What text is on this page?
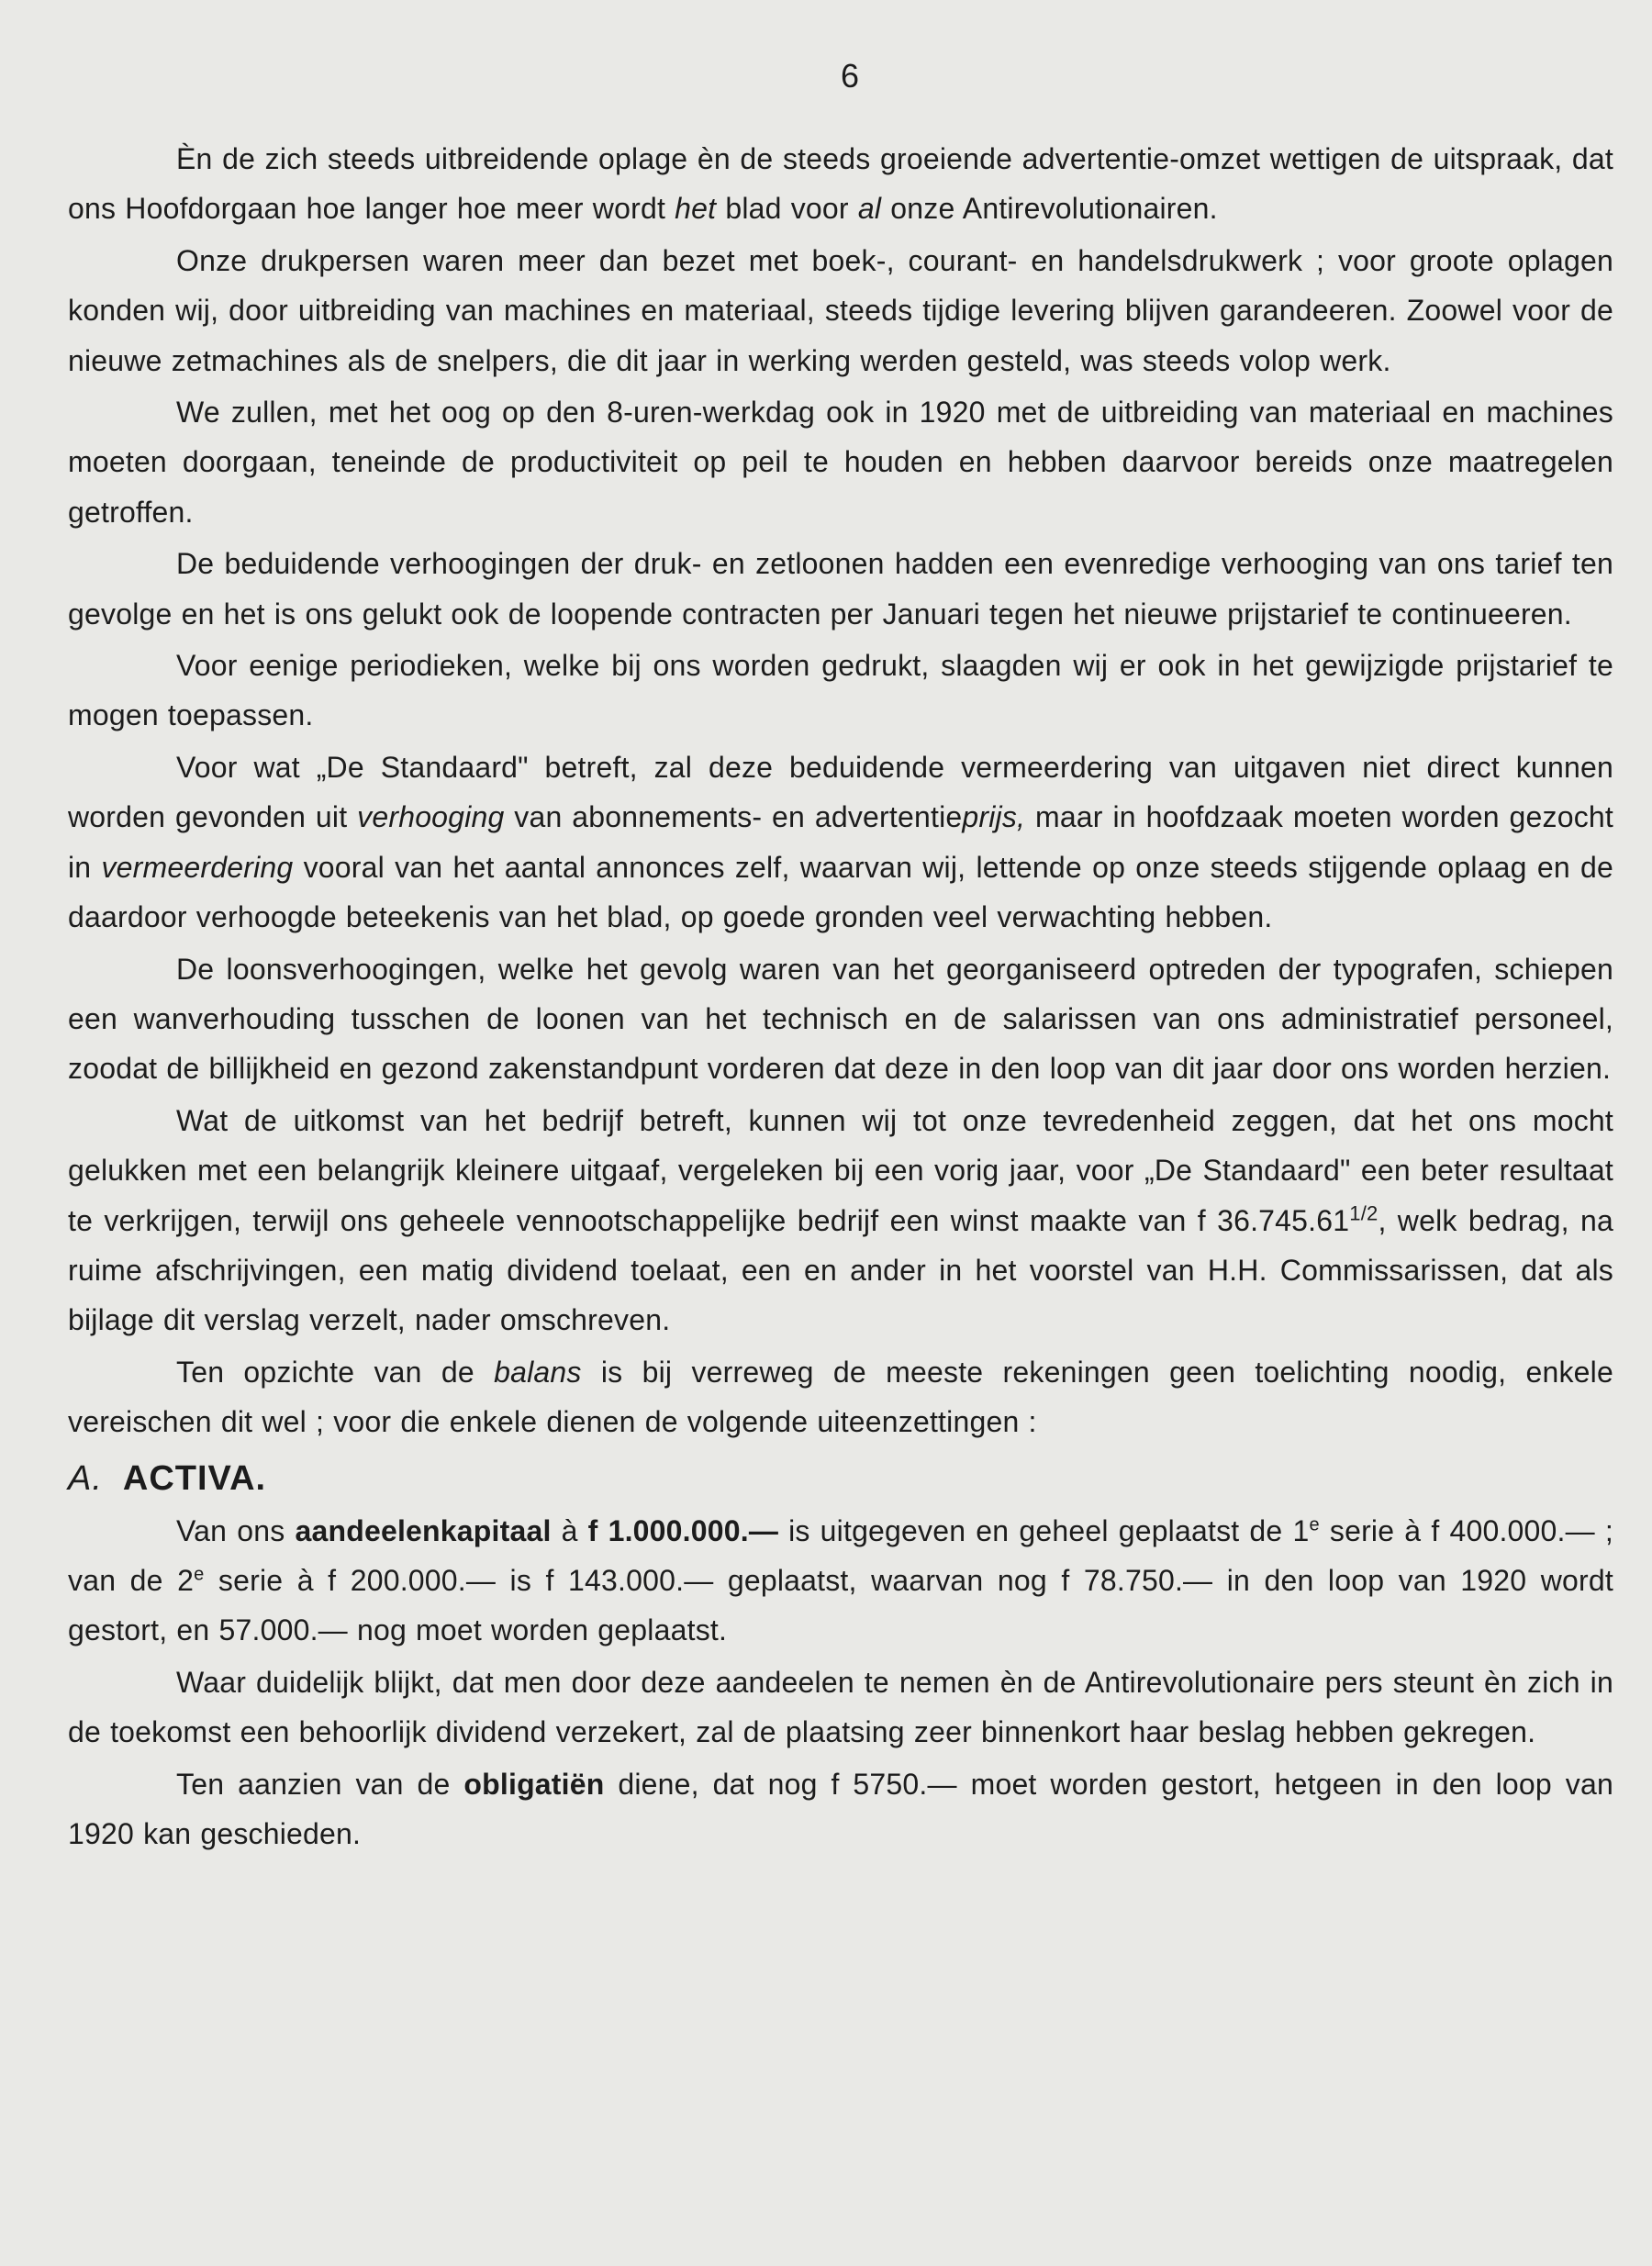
6

Èn de zich steeds uitbreidende oplage èn de steeds groeiende advertentie-omzet wettigen de uitspraak, dat ons Hoofdorgaan hoe langer hoe meer wordt het blad voor al onze Antirevolutionairen.

Onze drukpersen waren meer dan bezet met boek-, courant- en handelsdrukwerk ; voor groote oplagen konden wij, door uitbreiding van machines en materiaal, steeds tijdige levering blijven garandeeren. Zoowel voor de nieuwe zetmachines als de snelpers, die dit jaar in werking werden gesteld, was steeds volop werk.

We zullen, met het oog op den 8-uren-werkdag ook in 1920 met de uitbreiding van materiaal en machines moeten doorgaan, teneinde de productiviteit op peil te houden en hebben daarvoor bereids onze maatregelen getroffen.

De beduidende verhoogingen der druk- en zetloonen hadden een evenredige verhooging van ons tarief ten gevolge en het is ons gelukt ook de loopende contracten per Januari tegen het nieuwe prijstarief te continueeren.

Voor eenige periodieken, welke bij ons worden gedrukt, slaagden wij er ook in het gewijzigde prijstarief te mogen toepassen.

Voor wat „De Standaard" betreft, zal deze beduidende vermeerdering van uitgaven niet direct kunnen worden gevonden uit verhooging van abonnements- en advertentieprijs, maar in hoofdzaak moeten worden gezocht in vermeerdering vooral van het aantal annonces zelf, waarvan wij, lettende op onze steeds stijgende oplaag en de daardoor verhoogde beteekenis van het blad, op goede gronden veel verwachting hebben.

De loonsverhoogingen, welke het gevolg waren van het georganiseerd optreden der typografen, schiepen een wanverhouding tusschen de loonen van het technisch en de salarissen van ons administratief personeel, zoodat de billijkheid en gezond zakenstandpunt vorderen dat deze in den loop van dit jaar door ons worden herzien.

Wat de uitkomst van het bedrijf betreft, kunnen wij tot onze tevredenheid zeggen, dat het ons mocht gelukken met een belangrijk kleinere uitgaaf, vergeleken bij een vorig jaar, voor „De Standaard" een beter resultaat te verkrijgen, terwijl ons geheele vennootschappelijke bedrijf een winst maakte van f $36.745.61^{1/2}$, welk bedrag, na ruime afschrijvingen, een matig dividend toelaat, een en ander in het voorstel van H.H. Commissarissen, dat als bijlage dit verslag verzelt, nader omschreven.

Ten opzichte van de balans is bij verreweg de meeste rekeningen geen toelichting noodig, enkele vereischen dit wel ; voor die enkele dienen de volgende uiteenzettingen :

A. ACTIVA.

Van ons aandeelenkapitaal à f 1.000.000.— is uitgegeven en geheel geplaatst de 1e serie à f 400.000.— ; van de 2e serie à f 200.000.— is f 143.000.— geplaatst, waarvan nog f 78.750.— in den loop van 1920 wordt gestort, en 57.000.— nog moet worden geplaatst.

Waar duidelijk blijkt, dat men door deze aandeelen te nemen èn de Antirevolutionaire pers steunt èn zich in de toekomst een behoorlijk dividend verzekert, zal de plaatsing zeer binnenkort haar beslag hebben gekregen.

Ten aanzien van de obligatiën diene, dat nog f 5750.— moet worden gestort, hetgeen in den loop van 1920 kan geschieden.
